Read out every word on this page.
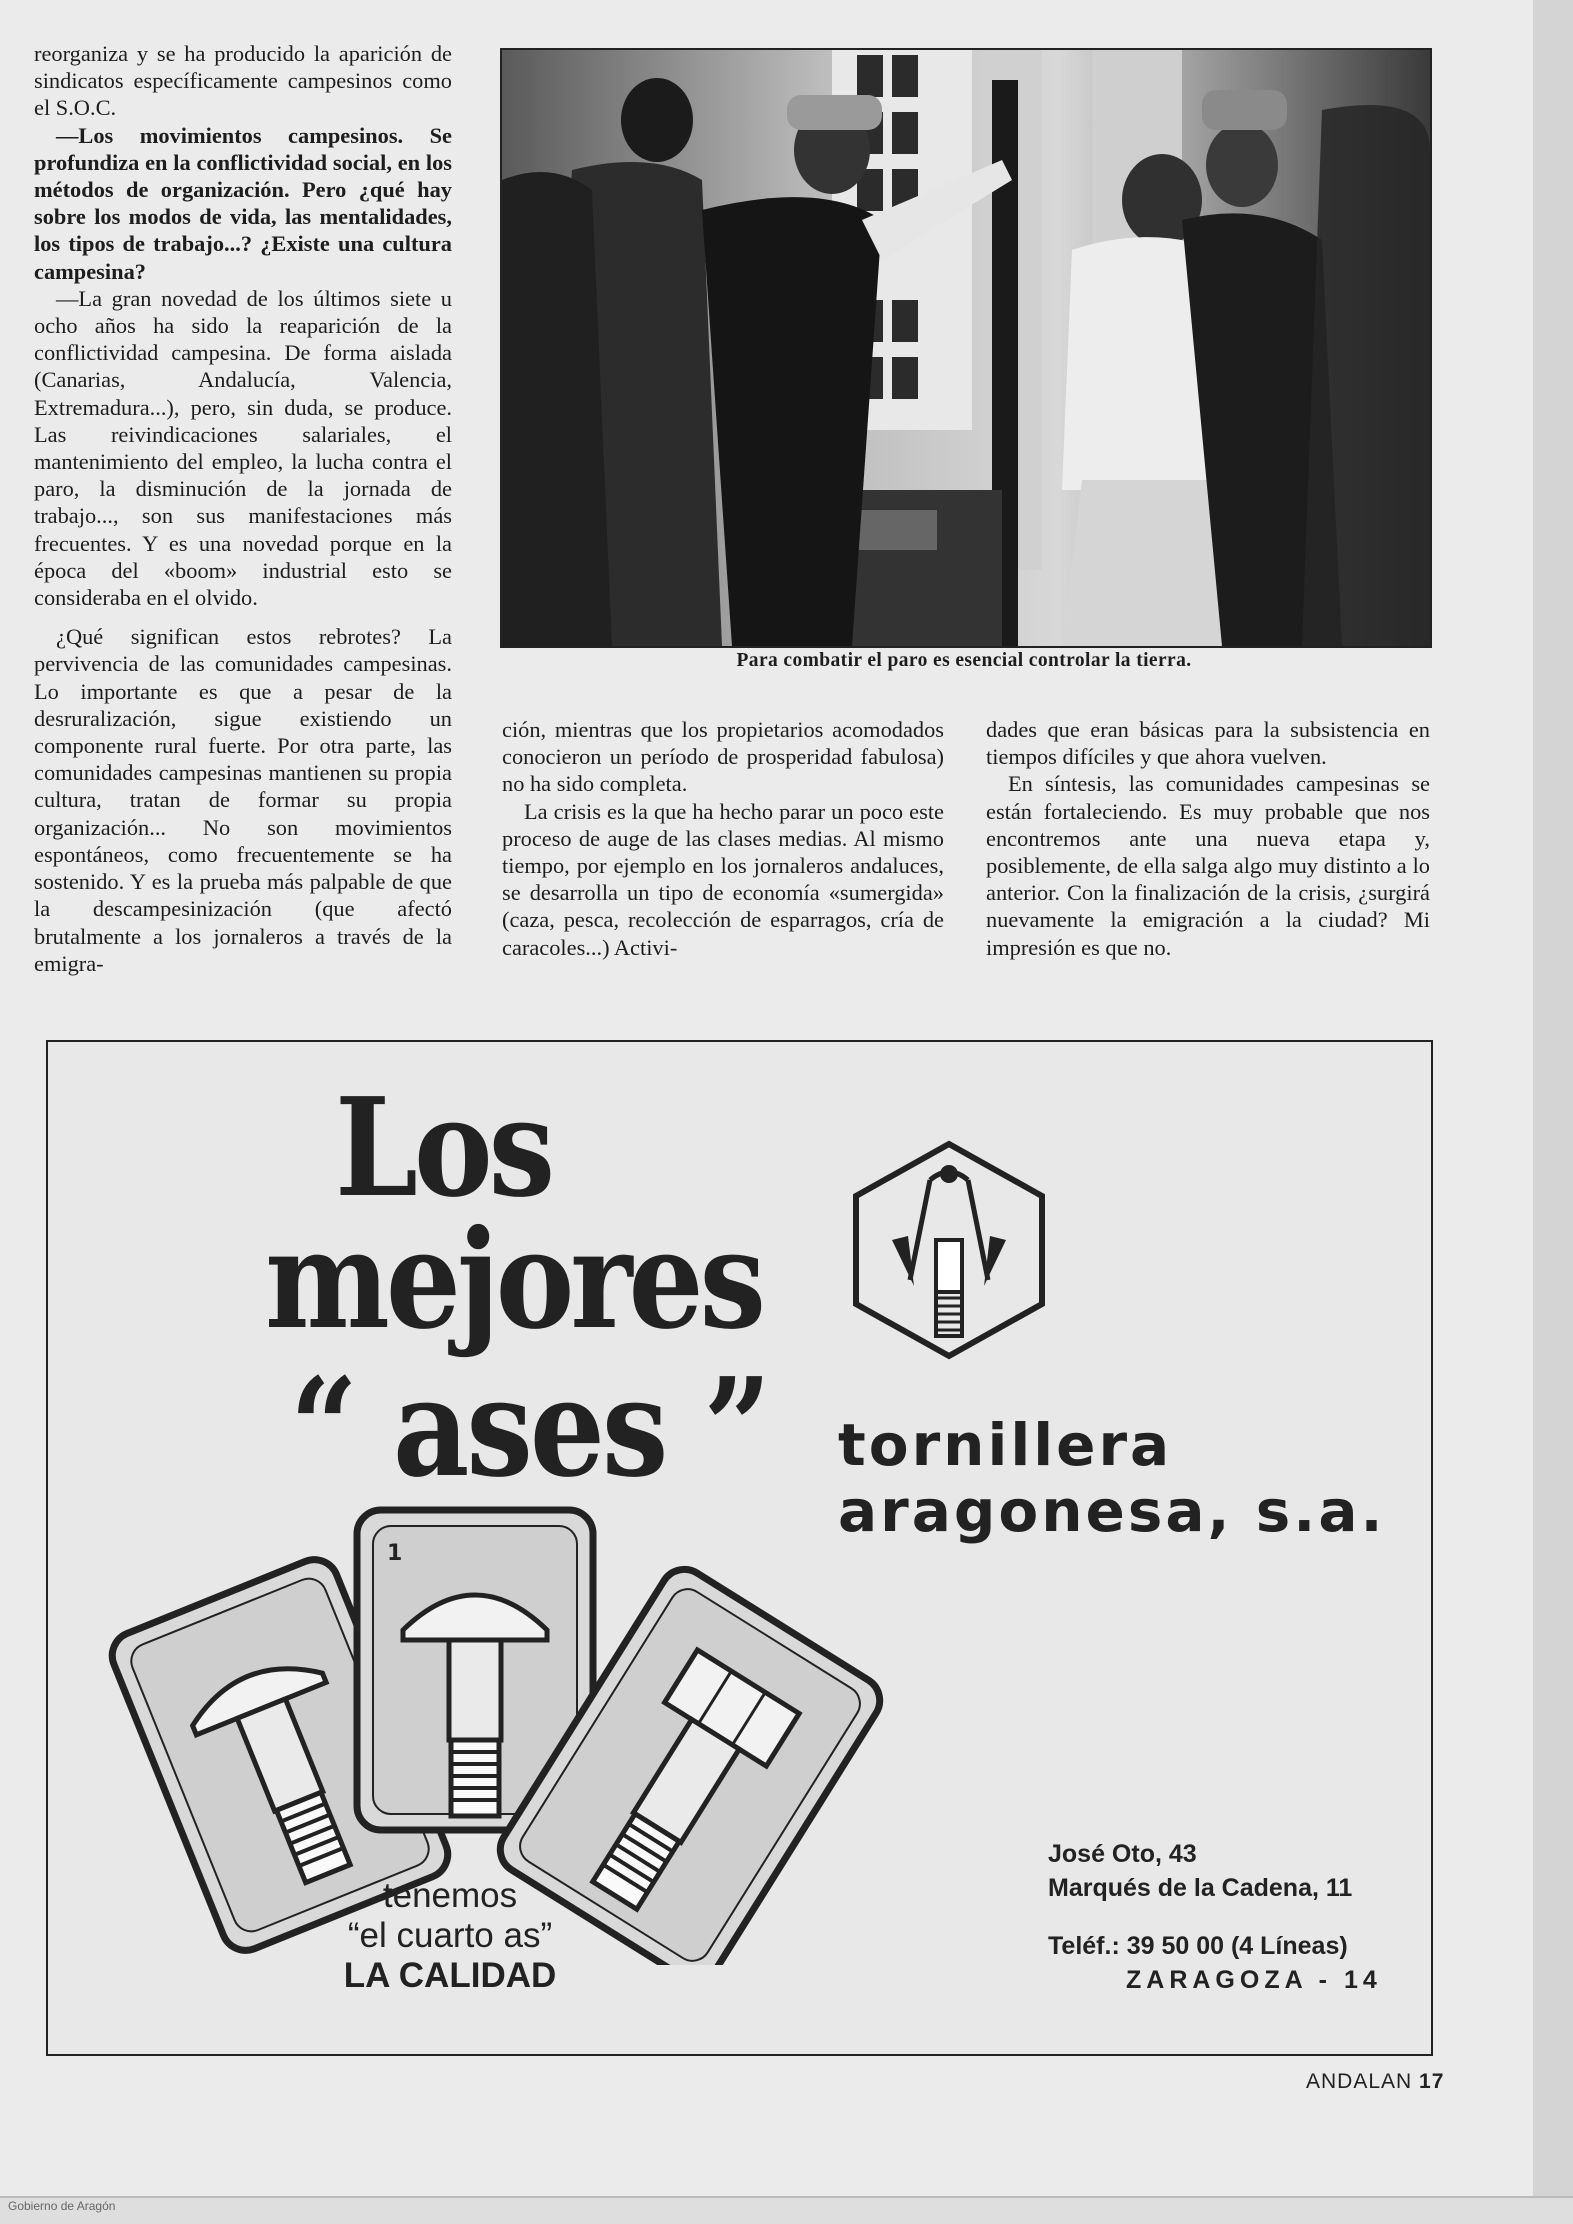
reorganiza y se ha producido la aparición de sindicatos específicamente campesinos como el S.O.C.

—Los movimientos campesinos. Se profundiza en la conflictividad social, en los métodos de organización. Pero ¿qué hay sobre los modos de vida, las mentalidades, los tipos de trabajo...? ¿Existe una cultura campesina?

—La gran novedad de los últimos siete u ocho años ha sido la reaparición de la conflictividad campesina. De forma aislada (Canarias, Andalucía, Valencia, Extremadura...), pero, sin duda, se produce. Las reivindicaciones salariales, el mantenimiento del empleo, la lucha contra el paro, la disminución de la jornada de trabajo..., son sus manifestaciones más frecuentes. Y es una novedad porque en la época del «boom» industrial esto se consideraba en el olvido.

¿Qué significan estos rebrotes? La pervivencia de las comunidades campesinas. Lo importante es que a pesar de la desruralización, sigue existiendo un componente rural fuerte. Por otra parte, las comunidades campesinas mantienen su propia cultura, tratan de formar su propia organización... No son movimientos espontáneos, como frecuentemente se ha sostenido. Y es la prueba más palpable de que la descampesinización (que afectó brutalmente a los jornaleros a través de la emigra-

Para combatir el paro es esencial controlar la tierra.

ción, mientras que los propietarios acomodados conocieron un período de prosperidad fabulosa) no ha sido completa.

La crisis es la que ha hecho parar un poco este proceso de auge de las clases medias. Al mismo tiempo, por ejemplo en los jornaleros andaluces, se desarrolla un tipo de economía «sumergida» (caza, pesca, recolección de esparragos, cría de caracoles...) Activi-

dades que eran básicas para la subsistencia en tiempos difíciles y que ahora vuelven.

En síntesis, las comunidades campesinas se están fortaleciendo. Es muy probable que nos encontremos ante una nueva etapa y, posiblemente, de ella salga algo muy distinto a lo anterior. Con la finalización de la crisis, ¿surgirá nuevamente la emigración a la ciudad? Mi impresión es que no.

Los
mejores
“ ases ” tornillera
aragonesa, s.a.
1
tenemos
“el cuarto as”
LA CALIDAD
José Oto, 43
Marqués de la Cadena, 11
Teléf.: 39 50 00 (4 Líneas)
ZARAGOZA - 14
ANDALAN 17
Gobierno de Aragón
